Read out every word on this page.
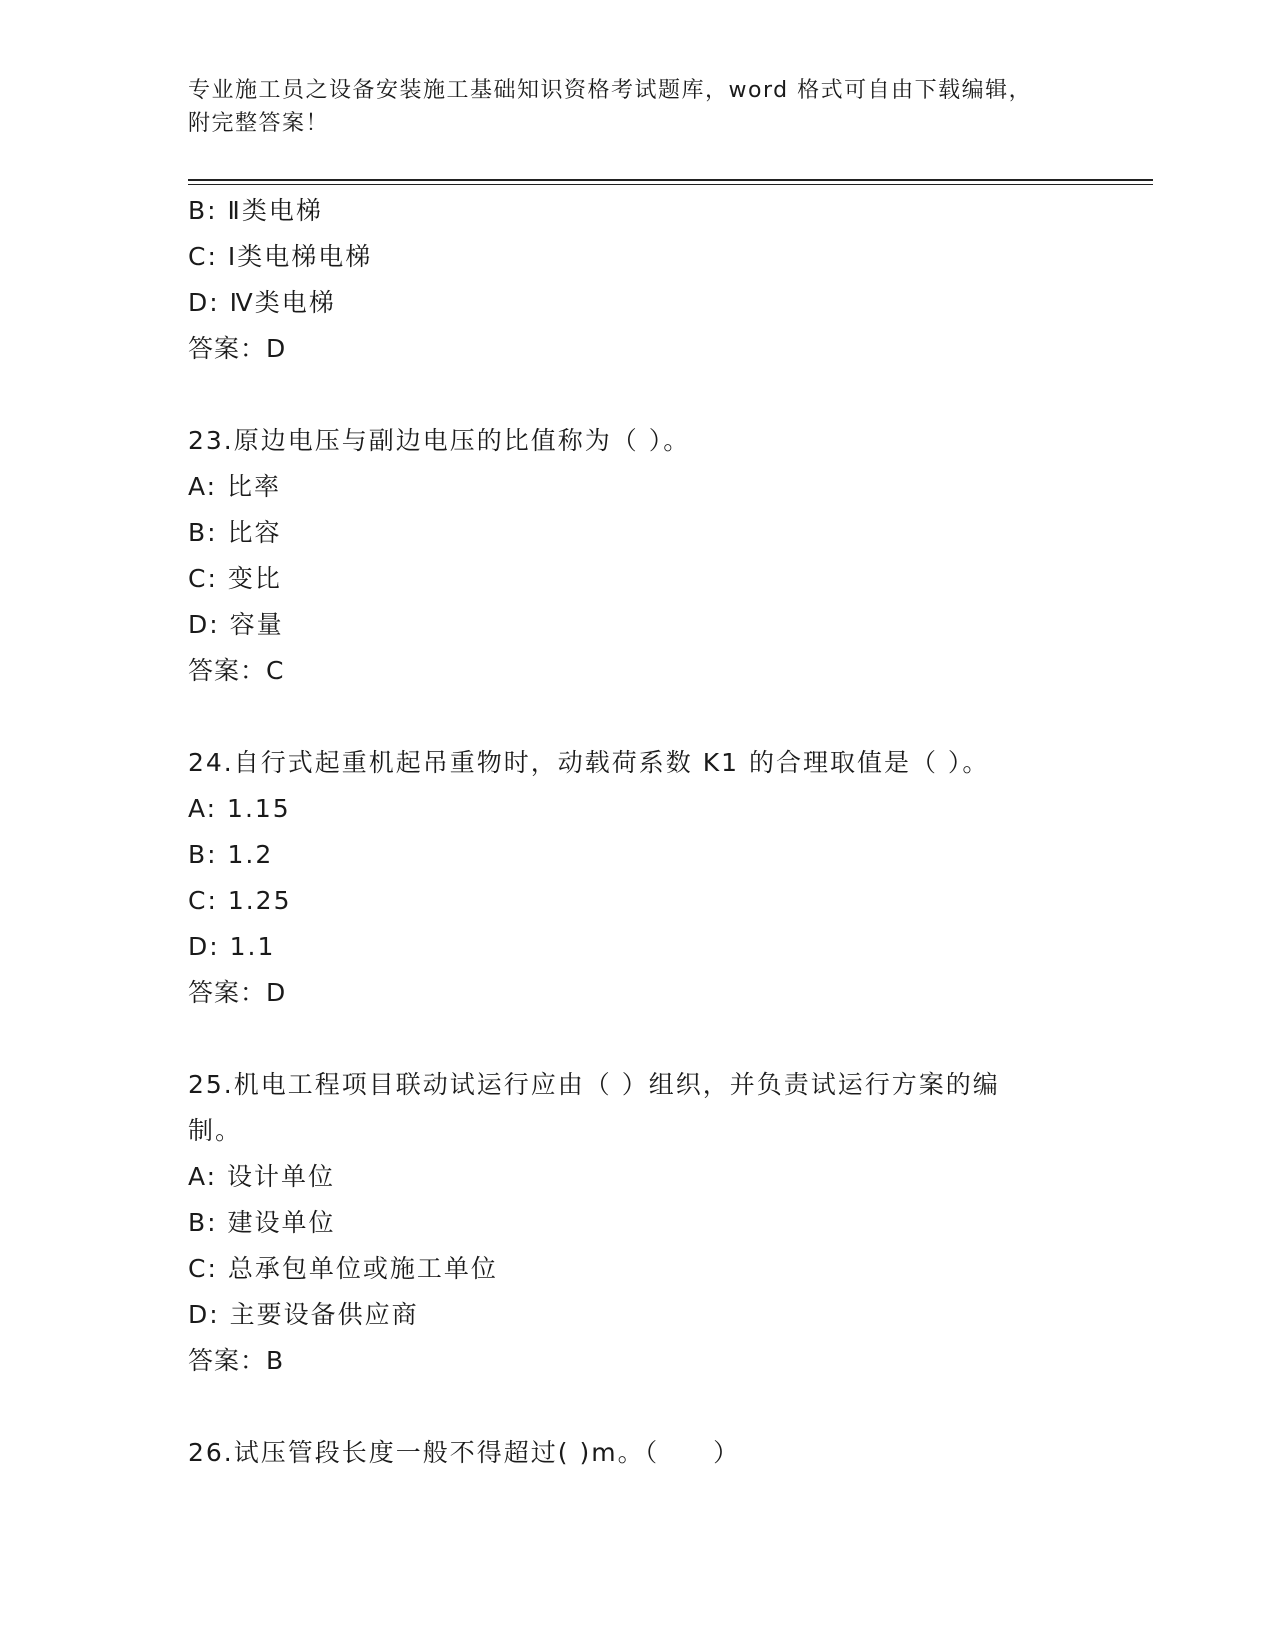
专业施工员之设备安装施工基础知识资格考试题库，word 格式可自由下载编辑，
附完整答案！
B: Ⅱ类电梯
C: Ⅰ类电梯电梯
D: Ⅳ类电梯
答案：D
23.原边电压与副边电压的比值称为（ ）。
A: 比率
B: 比容
C: 变比
D: 容量
答案：C
24.自行式起重机起吊重物时，动载荷系数 K1 的合理取值是（ ）。
A: 1.15
B: 1.2
C: 1.25
D: 1.1
答案：D
25.机电工程项目联动试运行应由（ ）组织，并负责试运行方案的编
制。
A: 设计单位
B: 建设单位
C: 总承包单位或施工单位
D: 主要设备供应商
答案：B
26.试压管段长度一般不得超过( )m。（　　）
